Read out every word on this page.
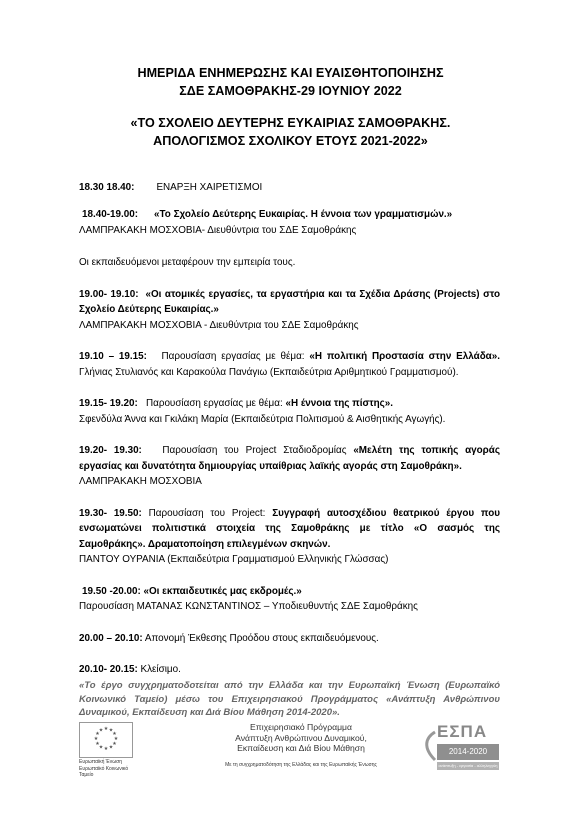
ΗΜΕΡΙΔΑ ΕΝΗΜΕΡΩΣΗΣ ΚΑΙ ΕΥΑΙΣΘΗΤΟΠΟΙΗΣΗΣ
ΣΔΕ ΣΑΜΟΘΡΑΚΗΣ-29 ΙΟΥΝΙΟΥ 2022
«ΤΟ ΣΧΟΛΕΙΟ ΔΕΥΤΕΡΗΣ ΕΥΚΑΙΡΙΑΣ ΣΑΜΟΘΡΑΚΗΣ.
ΑΠΟΛΟΓΙΣΜΟΣ ΣΧΟΛΙΚΟΥ ΕΤΟΥΣ 2021-2022»

18.30 18.40: ΕΝΑΡΞΗ ΧΑΙΡΕΤΙΣΜΟΙ

18.40-19.00: «Το Σχολείο Δεύτερης Ευκαιρίας. Η έννοια των γραμματισμών.»

ΛΑΜΠΡΑΚΑΚΗ ΜΟΣΧΟΒΙΑ- Διευθύντρια του ΣΔΕ Σαμοθράκης

Οι εκπαιδευόμενοι μεταφέρουν την εμπειρία τους.

19.00- 19.10: «Οι ατομικές εργασίες, τα εργαστήρια και τα Σχέδια Δράσης (Projects) στο Σχολείο Δεύτερης Ευκαιρίας.»

ΛΑΜΠΡΑΚΑΚΗ ΜΟΣΧΟΒΙΑ - Διευθύντρια του ΣΔΕ Σαμοθράκης

19.10 – 19.15: Παρουσίαση εργασίας με θέμα: «Η πολιτική Προστασία στην Ελλάδα». Γλήνιας Στυλιανός και Καρακούλα Πανάγιω (Εκπαιδεύτρια Αριθμητικού Γραμματισμού).

19.15- 19.20: Παρουσίαση εργασίας με θέμα: «Η έννοια της πίστης».

Σφενδύλα Άννα και Γκιλάκη Μαρία (Εκπαιδεύτρια Πολιτισμού & Αισθητικής Αγωγής).

19.20- 19.30: Παρουσίαση του Project Σταδιοδρομίας «Μελέτη της τοπικής αγοράς εργασίας και δυνατότητα δημιουργίας υπαίθριας λαϊκής αγοράς στη Σαμοθράκη».

ΛΑΜΠΡΑΚΑΚΗ ΜΟΣΧΟΒΙΑ

19.30- 19.50: Παρουσίαση του Project: Συγγραφή αυτοσχέδιου θεατρικού έργου που ενσωματώνει πολιτιστικά στοιχεία της Σαμοθράκης με τίτλο «Ο σασμός της Σαμοθράκης». Δραματοποίηση επιλεγμένων σκηνών.

ΠΑΝΤΟΥ ΟΥΡΑΝΙΑ (Εκπαιδεύτρια Γραμματισμού Ελληνικής Γλώσσας)

19.50 -20.00: «Οι εκπαιδευτικές μας εκδρομές.»

Παρουσίαση ΜΑΤΑΝΑΣ ΚΩΝΣΤΑΝΤΙΝΟΣ – Υποδιευθυντής ΣΔΕ Σαμοθράκης

20.00 – 20.10: Απονομή Έκθεσης Προόδου στους εκπαιδευόμενους.

20.10- 20.15: Κλείσιμο.

«Το έργο συγχρηματοδοτείται από την Ελλάδα και την Ευρωπαϊκή Ένωση (Ευρωπαϊκό Κοινωνικό Ταμείο) μέσω του Επιχειρησιακού Προγράμματος «Ανάπτυξη Ανθρώπινου Δυναμικού, Εκπαίδευση και Διά Βίου Μάθηση 2014-2020».
★ ★
★
★
★
★
★
★
★
★
★
★
Ευρωπαϊκή Ένωση
Ευρωπαϊκό Κοινωνικό Ταμείο
Επιχειρησιακό Πρόγραμμα
Ανάπτυξη Ανθρώπινου Δυναμικού,
Εκπαίδευση και Διά Βίου Μάθηση
Με τη συγχρηματοδότηση της Ελλάδας και της Ευρωπαϊκής Ένωσης
ΕΣΠΑ
2014-2020
ανάπτυξη - εργασία - αλληλεγγύη
